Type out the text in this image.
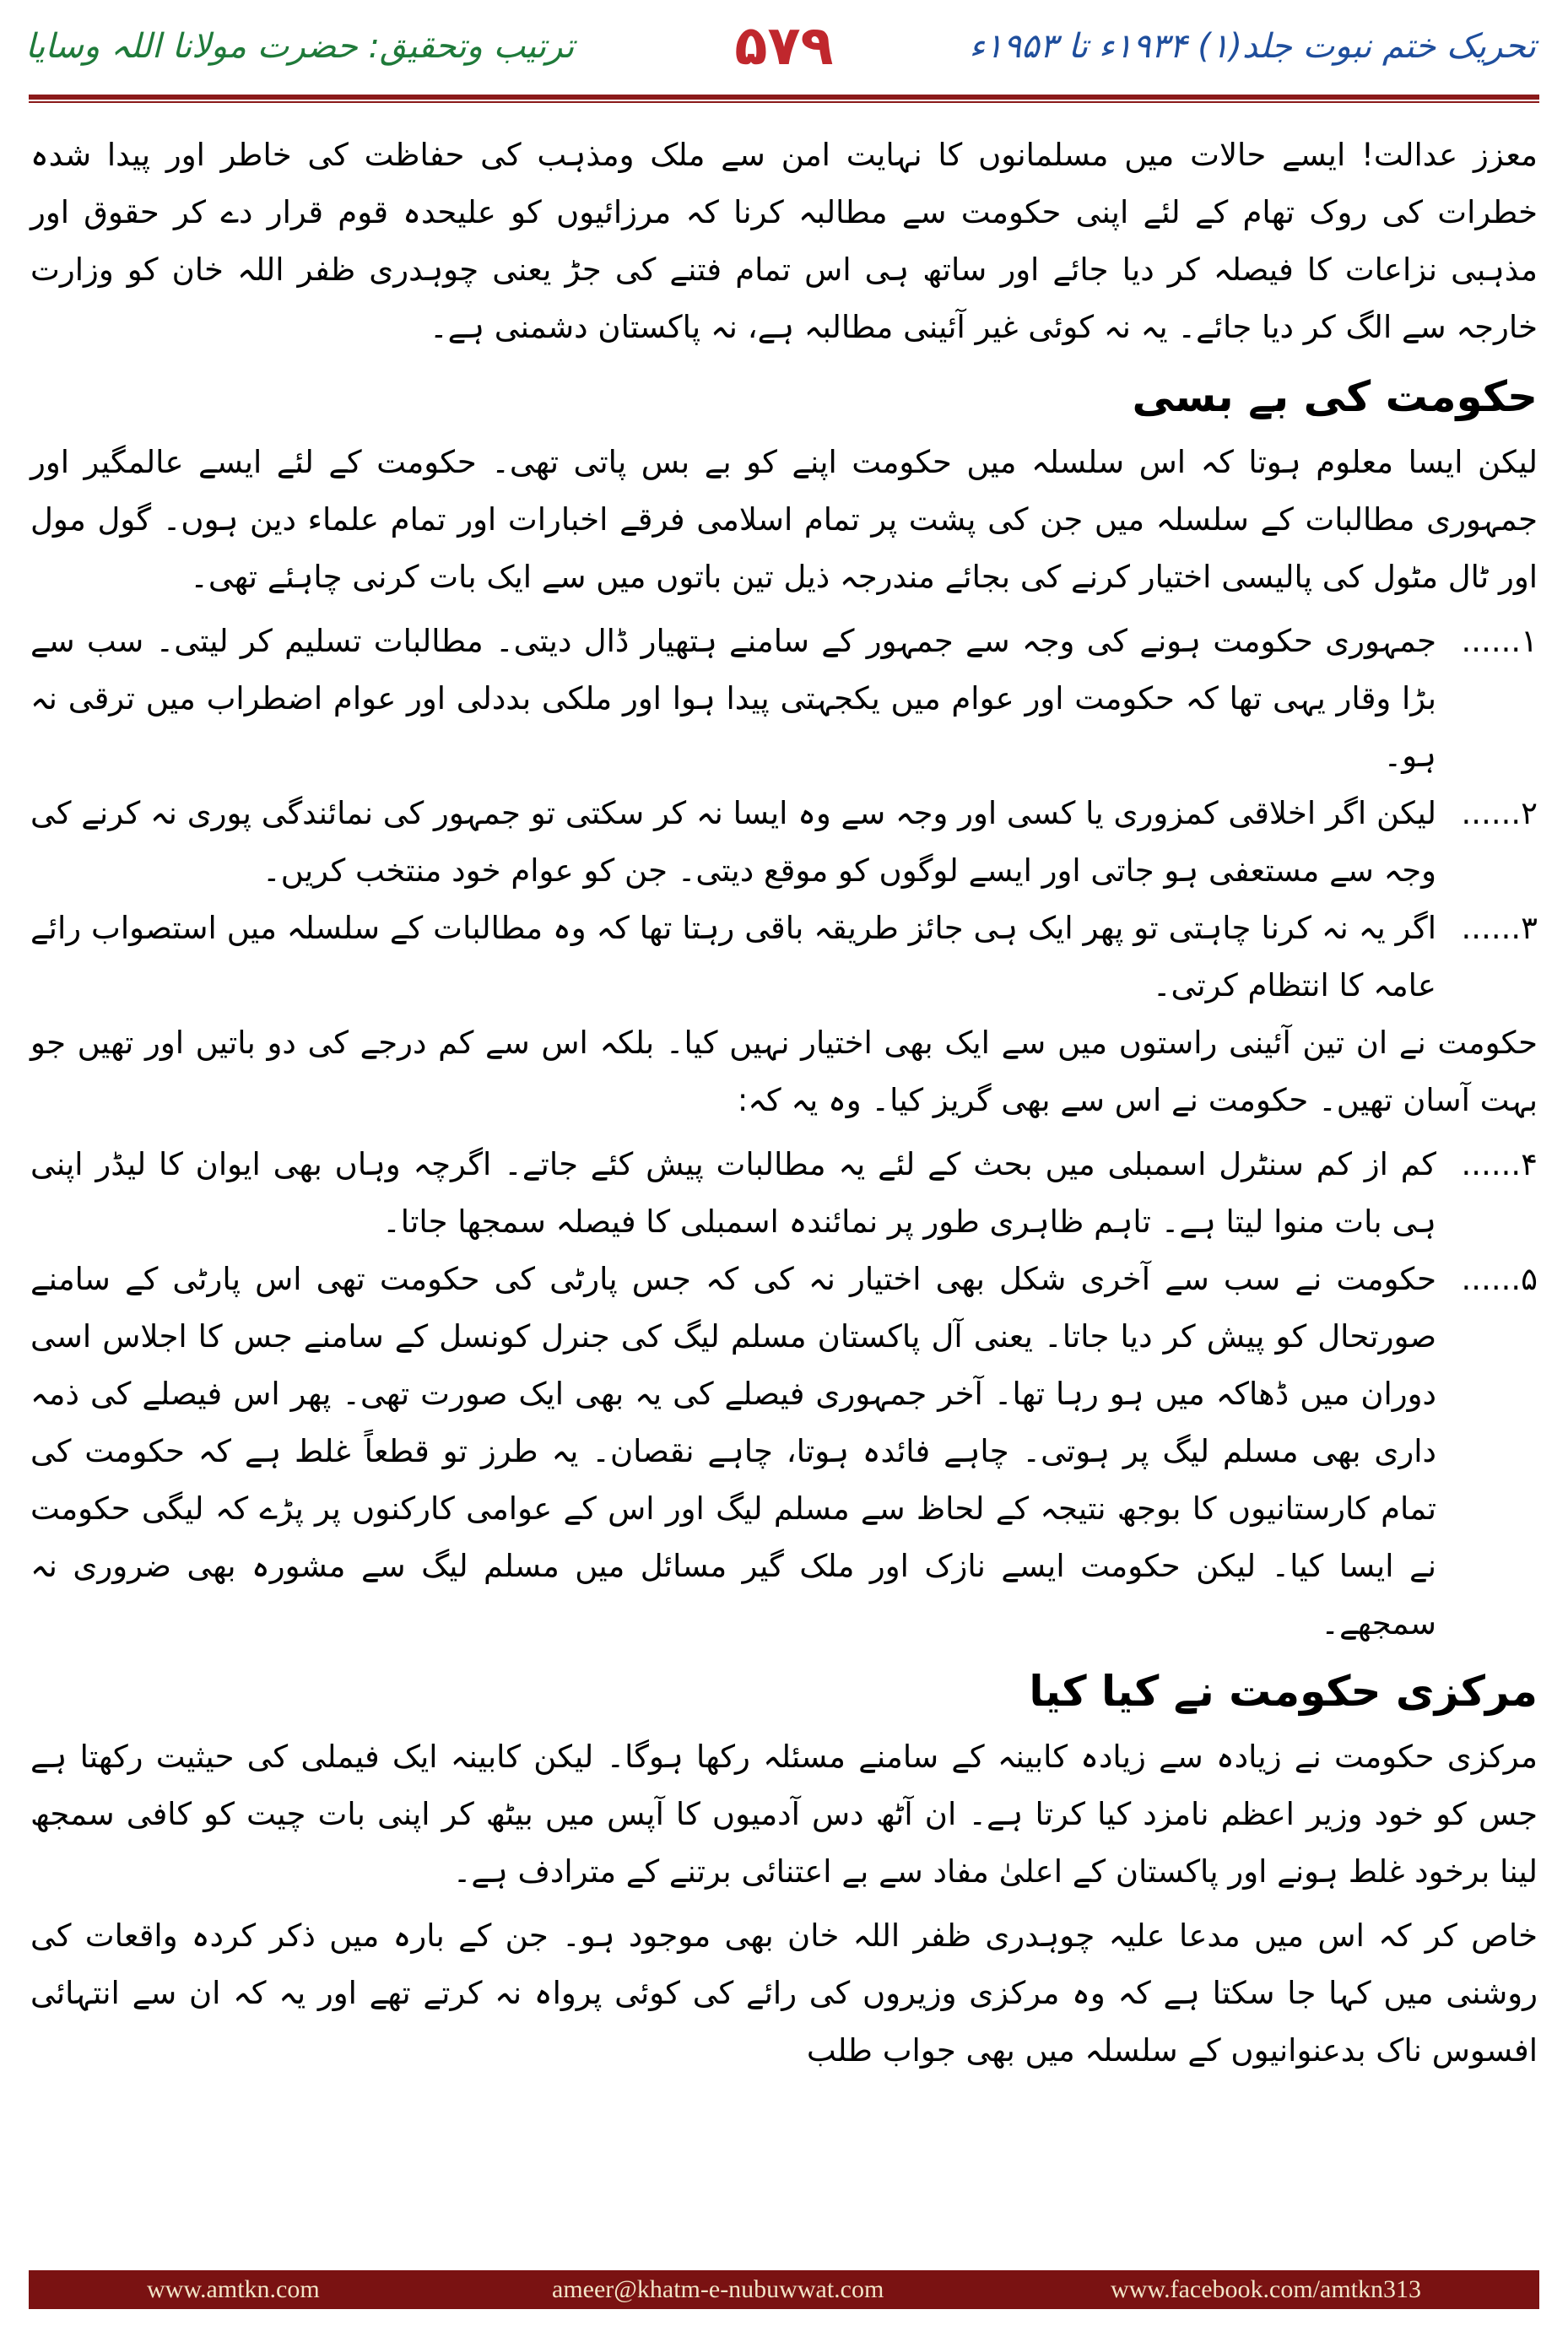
تحریک ختم نبوت جلد(۱) ۱۹۳۴ء تا ۱۹۵۳ء
۵۷۹
ترتیب وتحقیق: حضرت مولانا اللہ وسایا

معزز عدالت! ایسے حالات میں مسلمانوں کا نہایت امن سے ملک ومذہب کی حفاظت کی خاطر اور پیدا شدہ خطرات کی روک تھام کے لئے اپنی حکومت سے مطالبہ کرنا کہ مرزائیوں کو علیحدہ قوم قرار دے کر حقوق اور مذہبی نزاعات کا فیصلہ کر دیا جائے اور ساتھ ہی اس تمام فتنے کی جڑ یعنی چوہدری ظفر اللہ خان کو وزارت خارجہ سے الگ کر دیا جائے۔ یہ نہ کوئی غیر آئینی مطالبہ ہے، نہ پاکستان دشمنی ہے۔

حکومت کی بے بسی

لیکن ایسا معلوم ہوتا کہ اس سلسلہ میں حکومت اپنے کو بے بس پاتی تھی۔ حکومت کے لئے ایسے عالمگیر اور جمہوری مطالبات کے سلسلہ میں جن کی پشت پر تمام اسلامی فرقے اخبارات اور تمام علماء دین ہوں۔ گول مول اور ٹال مٹول کی پالیسی اختیار کرنے کی بجائے مندرجہ ذیل تین باتوں میں سے ایک بات کرنی چاہئے تھی۔

۱......
جمہوری حکومت ہونے کی وجہ سے جمہور کے سامنے ہتھیار ڈال دیتی۔ مطالبات تسلیم کر لیتی۔ سب سے بڑا وقار یہی تھا کہ حکومت اور عوام میں یکجہتی پیدا ہوا اور ملکی بددلی اور عوام اضطراب میں ترقی نہ ہو۔
۲......
لیکن اگر اخلاقی کمزوری یا کسی اور وجہ سے وہ ایسا نہ کر سکتی تو جمہور کی نمائندگی پوری نہ کرنے کی وجہ سے مستعفی ہو جاتی اور ایسے لوگوں کو موقع دیتی۔ جن کو عوام خود منتخب کریں۔
۳......
اگر یہ نہ کرنا چاہتی تو پھر ایک ہی جائز طریقہ باقی رہتا تھا کہ وہ مطالبات کے سلسلہ میں استصواب رائے عامہ کا انتظام کرتی۔

حکومت نے ان تین آئینی راستوں میں سے ایک بھی اختیار نہیں کیا۔ بلکہ اس سے کم درجے کی دو باتیں اور تھیں جو بہت آسان تھیں۔ حکومت نے اس سے بھی گریز کیا۔ وہ یہ کہ:

۴......
کم از کم سنٹرل اسمبلی میں بحث کے لئے یہ مطالبات پیش کئے جاتے۔ اگرچہ وہاں بھی ایوان کا لیڈر اپنی ہی بات منوا لیتا ہے۔ تاہم ظاہری طور پر نمائندہ اسمبلی کا فیصلہ سمجھا جاتا۔
۵......
حکومت نے سب سے آخری شکل بھی اختیار نہ کی کہ جس پارٹی کی حکومت تھی اس پارٹی کے سامنے صورتحال کو پیش کر دیا جاتا۔ یعنی آل پاکستان مسلم لیگ کی جنرل کونسل کے سامنے جس کا اجلاس اسی دوران میں ڈھاکہ میں ہو رہا تھا۔ آخر جمہوری فیصلے کی یہ بھی ایک صورت تھی۔ پھر اس فیصلے کی ذمہ داری بھی مسلم لیگ پر ہوتی۔ چاہے فائدہ ہوتا، چاہے نقصان۔ یہ طرز تو قطعاً غلط ہے کہ حکومت کی تمام کارستانیوں کا بوجھ نتیجہ کے لحاظ سے مسلم لیگ اور اس کے عوامی کارکنوں پر پڑے کہ لیگی حکومت نے ایسا کیا۔ لیکن حکومت ایسے نازک اور ملک گیر مسائل میں مسلم لیگ سے مشورہ بھی ضروری نہ سمجھے۔
مرکزی حکومت نے کیا کیا

مرکزی حکومت نے زیادہ سے زیادہ کابینہ کے سامنے مسئلہ رکھا ہوگا۔ لیکن کابینہ ایک فیملی کی حیثیت رکھتا ہے جس کو خود وزیر اعظم نامزد کیا کرتا ہے۔ ان آٹھ دس آدمیوں کا آپس میں بیٹھ کر اپنی بات چیت کو کافی سمجھ لینا برخود غلط ہونے اور پاکستان کے اعلیٰ مفاد سے بے اعتنائی برتنے کے مترادف ہے۔

خاص کر کہ اس میں مدعا علیہ چوہدری ظفر اللہ خان بھی موجود ہو۔ جن کے بارہ میں ذکر کردہ واقعات کی روشنی میں کہا جا سکتا ہے کہ وہ مرکزی وزیروں کی رائے کی کوئی پرواہ نہ کرتے تھے اور یہ کہ ان سے انتہائی افسوس ناک بدعنوانیوں کے سلسلہ میں بھی جواب طلب

www.amtkn.com	ameer@khatm-e-nubuwwat.com	www.facebook.com/amtkn313
